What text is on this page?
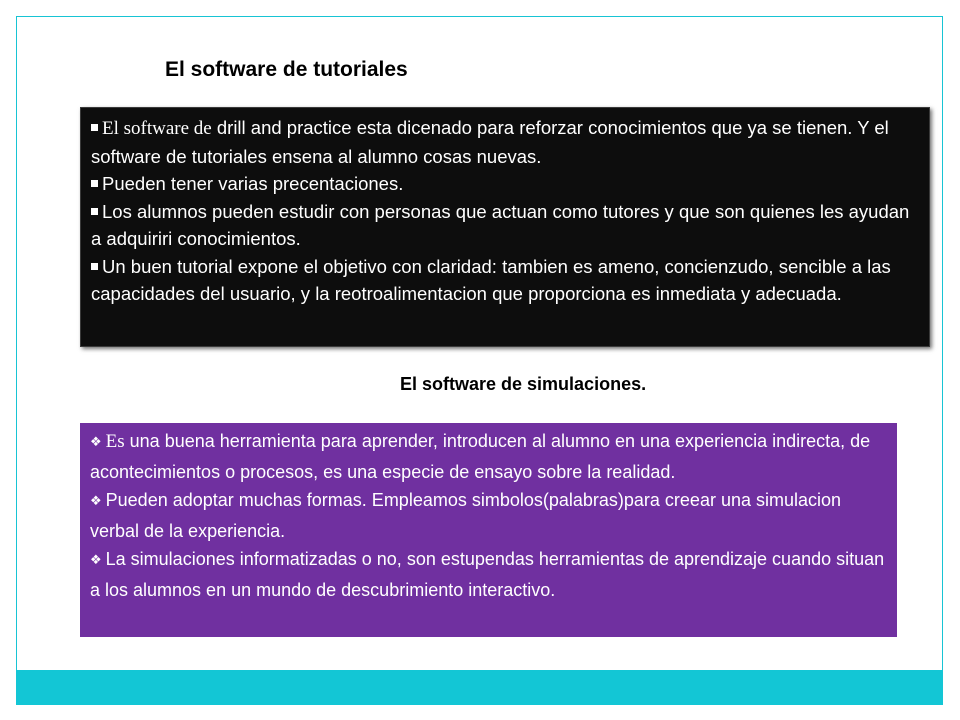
El software de tutoriales

El software de drill and practice esta dicenado para reforzar conocimientos que ya se tienen. Y el software de tutoriales ensena al alumno cosas nuevas.

Pueden tener varias precentaciones.

Los alumnos pueden estudir con personas que actuan como tutores y que son quienes les ayudan a adquiriri conocimientos.

Un buen tutorial expone el objetivo con claridad: tambien es ameno, concienzudo, sencible a las capacidades del usuario, y la reotroalimentacion que proporciona es inmediata y adecuada.

El software de simulaciones.

❖ Es una buena herramienta para aprender, introducen al alumno en una experiencia indirecta, de acontecimientos o procesos, es una especie de ensayo sobre la realidad.

❖ Pueden adoptar muchas formas. Empleamos simbolos(palabras)para creear una simulacion verbal de la experiencia.

❖ La simulaciones informatizadas o no, son estupendas herramientas de aprendizaje cuando situan a los alumnos en un mundo de descubrimiento interactivo.
